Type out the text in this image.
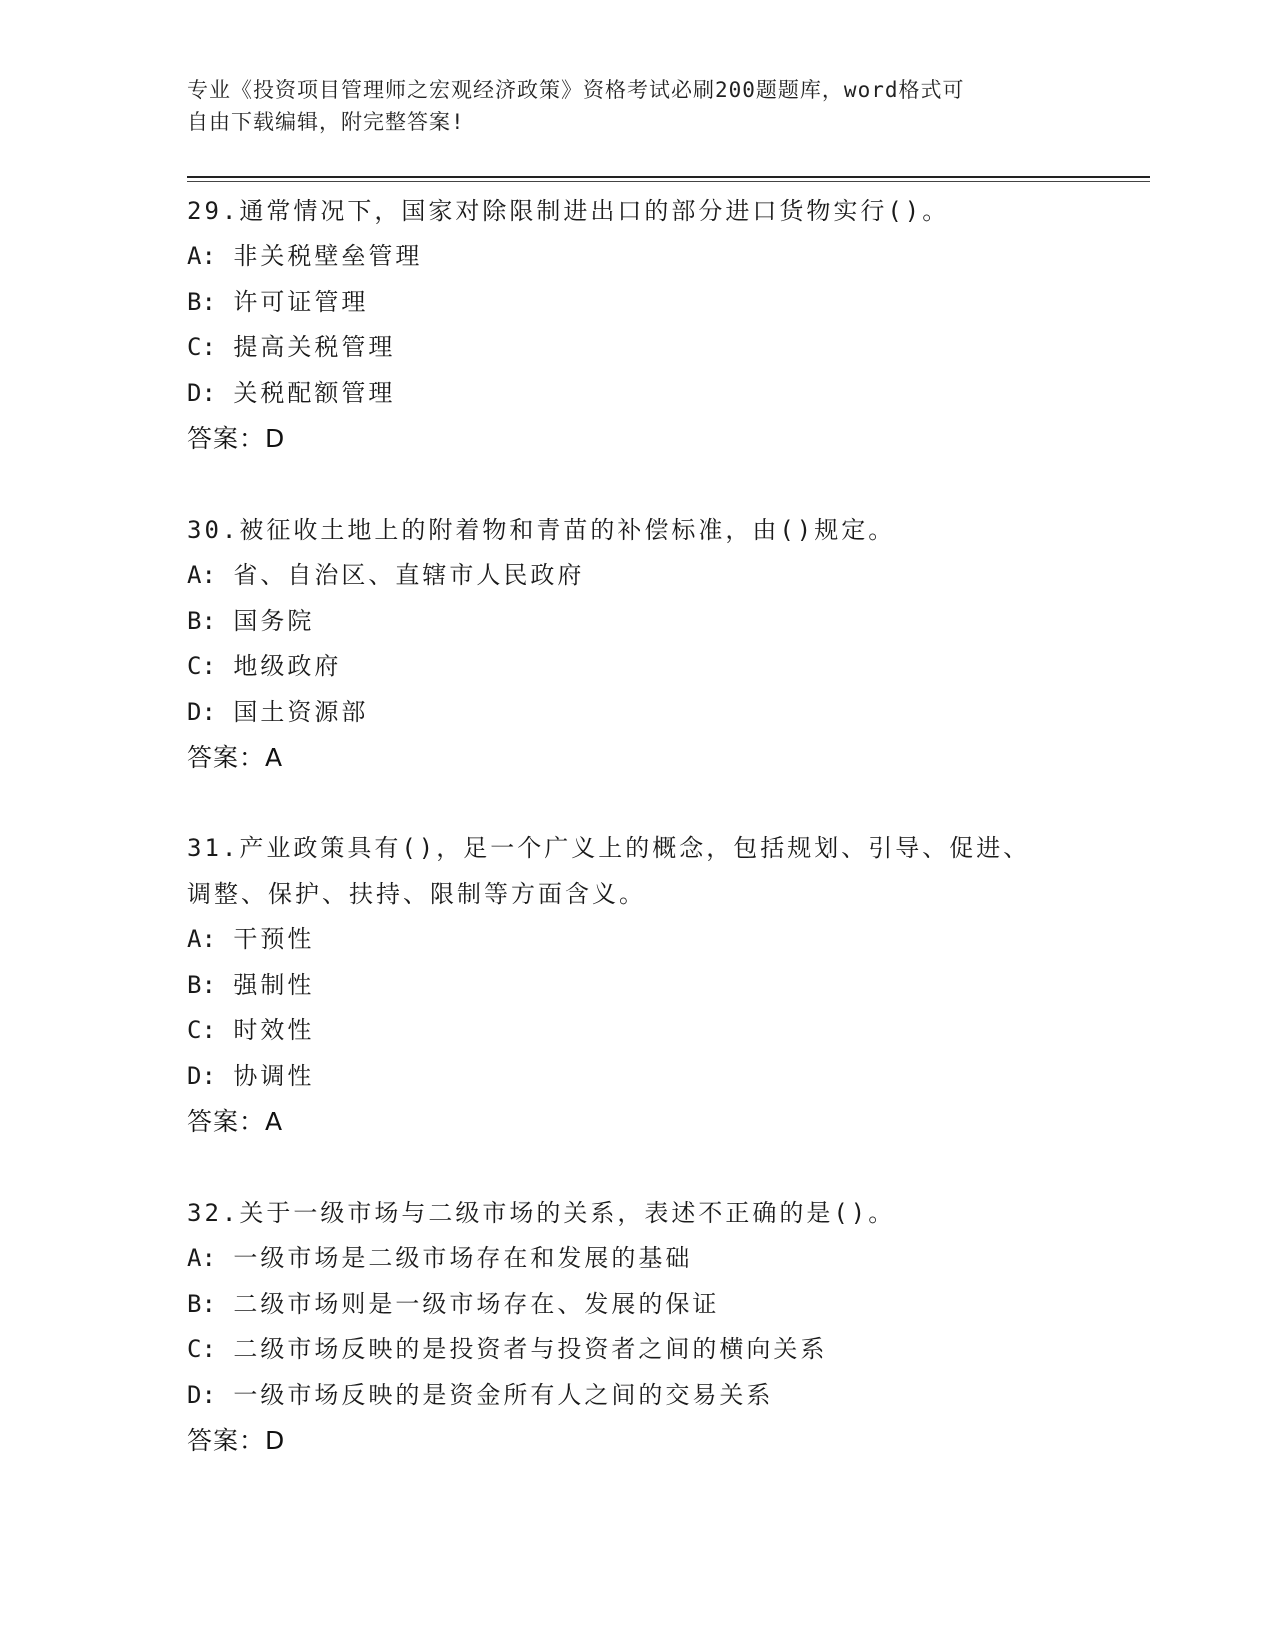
专业《投资项目管理师之宏观经济政策》资格考试必刷200题题库，word格式可
自由下载编辑，附完整答案!
29.通常情况下，国家对除限制进出口的部分进口货物实行()。
A: 非关税壁垒管理
B: 许可证管理
C: 提高关税管理
D: 关税配额管理
答案：D
30.被征收土地上的附着物和青苗的补偿标准，由()规定。
A: 省、自治区、直辖市人民政府
B: 国务院
C: 地级政府
D: 国土资源部
答案：A
31.产业政策具有()，足一个广义上的概念，包括规划、引导、促进、
调整、保护、扶持、限制等方面含义。
A: 干预性
B: 强制性
C: 时效性
D: 协调性
答案：A
32.关于一级市场与二级市场的关系，表述不正确的是()。
A: 一级市场是二级市场存在和发展的基础
B: 二级市场则是一级市场存在、发展的保证
C: 二级市场反映的是投资者与投资者之间的横向关系
D: 一级市场反映的是资金所有人之间的交易关系
答案：D
